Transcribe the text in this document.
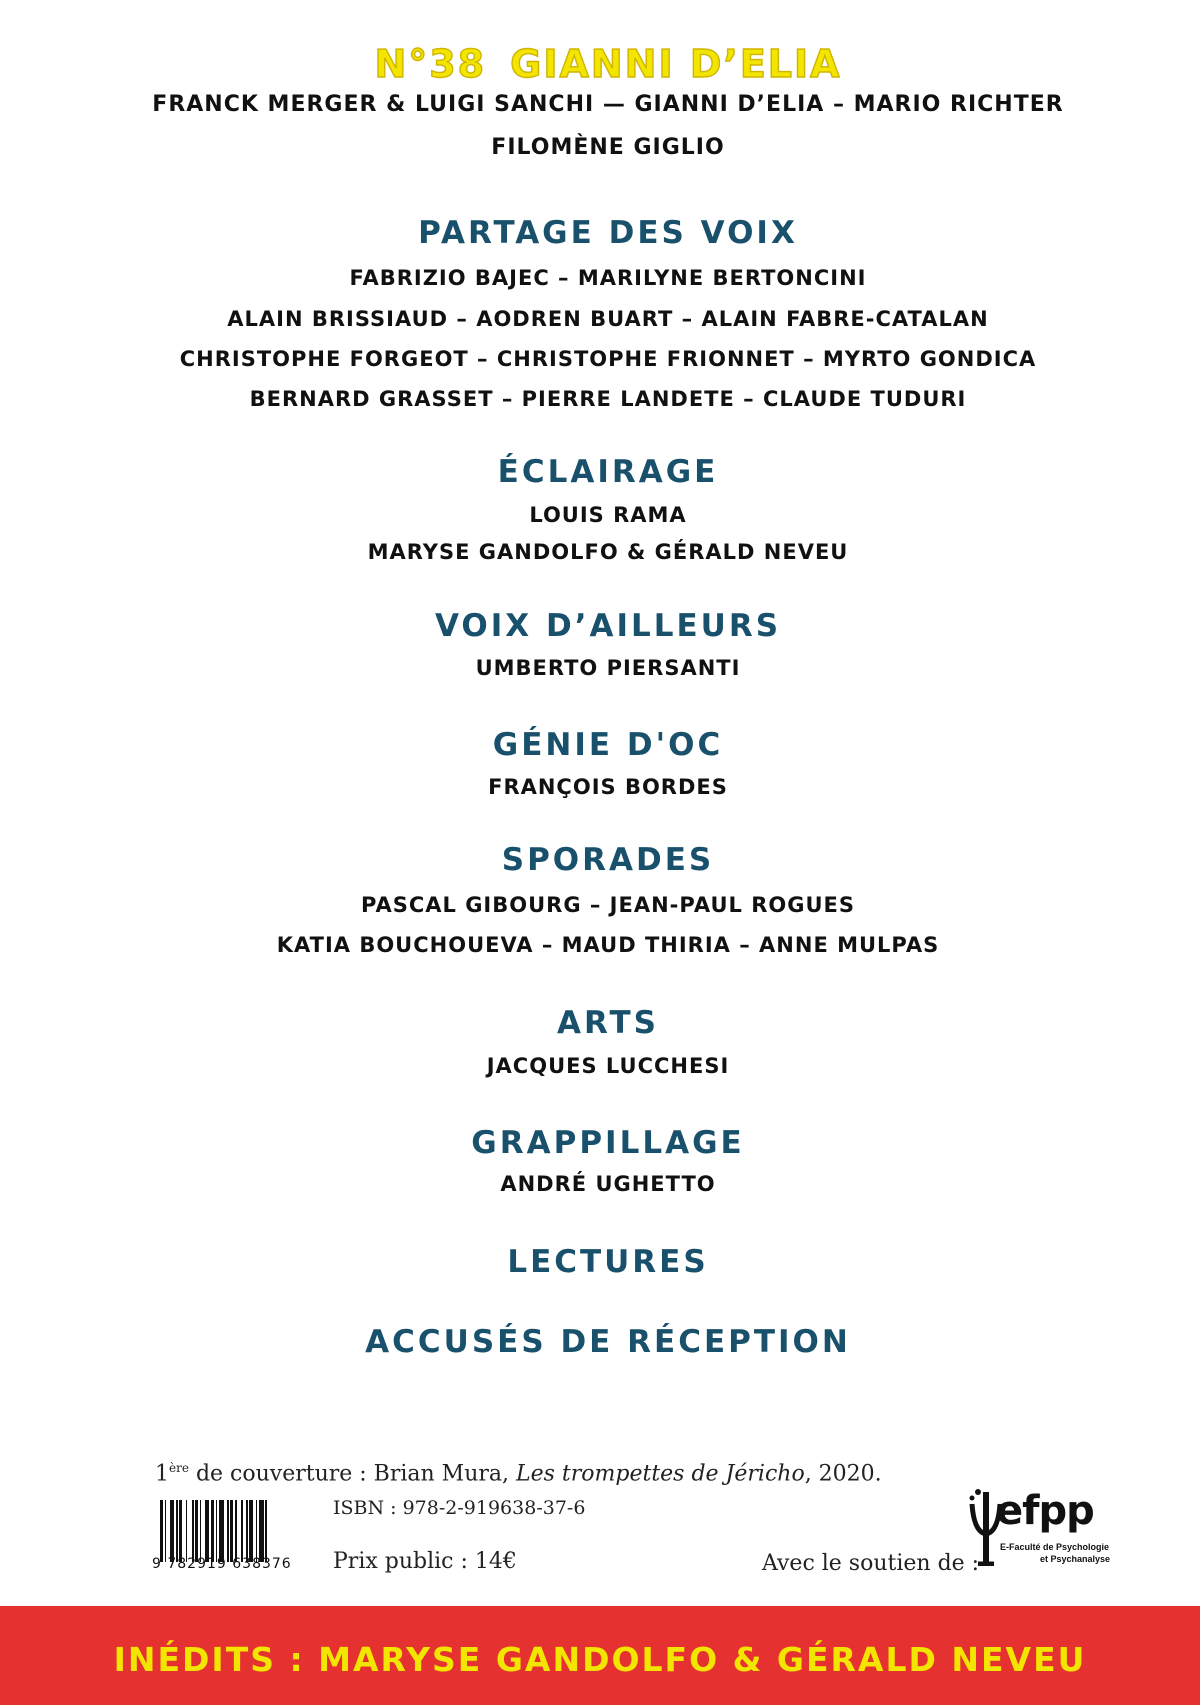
N°38 GIANNI D’ELIA
FRANCK MERGER & LUIGI SANCHI — GIANNI D’ELIA – MARIO RICHTER
FILOMÈNE GIGLIO
PARTAGE DES VOIX
FABRIZIO BAJEC – MARILYNE BERTONCINI
ALAIN BRISSIAUD – AODREN BUART – ALAIN FABRE-CATALAN
CHRISTOPHE FORGEOT – CHRISTOPHE FRIONNET – MYRTO GONDICA
BERNARD GRASSET – PIERRE LANDETE – CLAUDE TUDURI
ÉCLAIRAGE
LOUIS RAMA
MARYSE GANDOLFO & GÉRALD NEVEU
VOIX D’AILLEURS
UMBERTO PIERSANTI
GÉNIE D'OC
FRANÇOIS BORDES
SPORADES
PASCAL GIBOURG – JEAN-PAUL ROGUES
KATIA BOUCHOUEVA – MAUD THIRIA – ANNE MULPAS
ARTS
JACQUES LUCCHESI
GRAPPILLAGE
ANDRÉ UGHETTO
LECTURES
ACCUSÉS DE RÉCEPTION
1ère de couverture : Brian Mura, Les trompettes de Jéricho, 2020.
9 782919 638376
ISBN : 978-2-919638-37-6
Prix public : 14€	Avec le soutien de :
efpp
E-Faculté de Psychologie
et Psychanalyse
INÉDITS : MARYSE GANDOLFO & GÉRALD NEVEU
